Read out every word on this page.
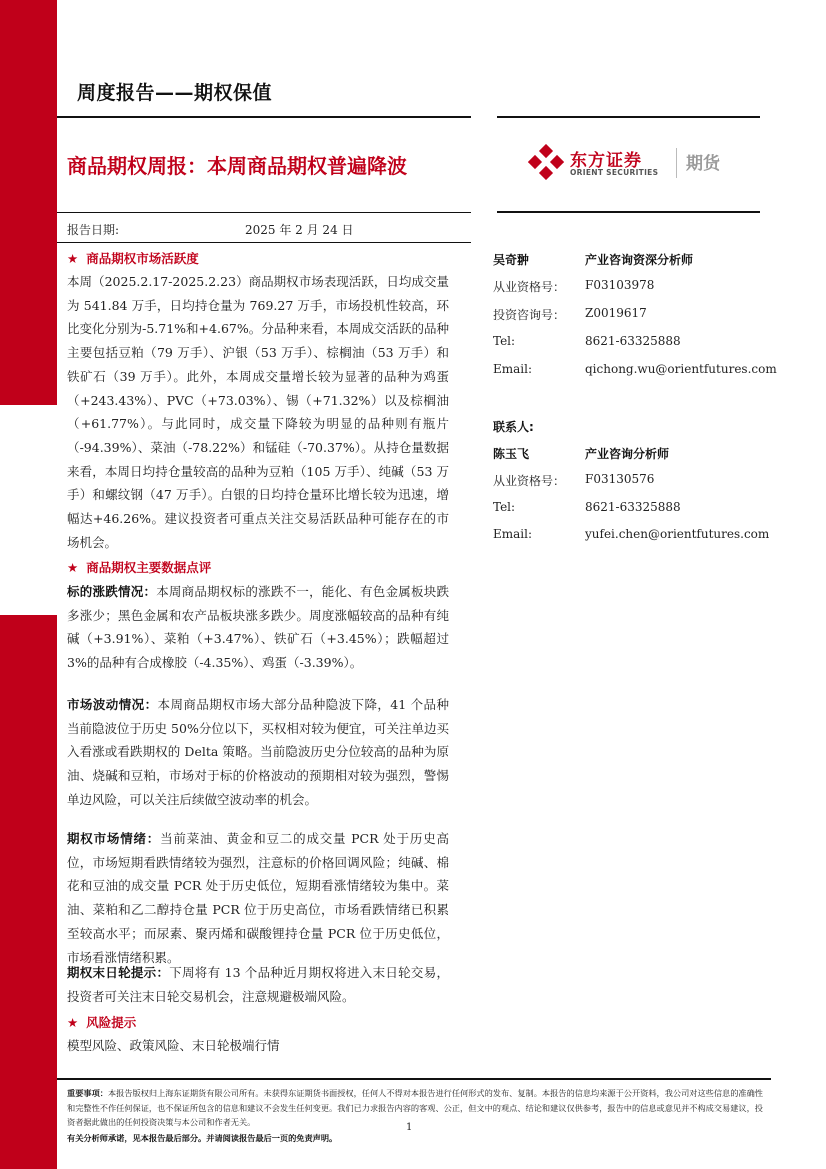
产
业
研
究
周度报告——期权保值
商品期权周报：本周商品期权普遍降波	东方证券
ORIENT SECURITIES 期货
报告日期:	2025 年 2 月 24 日
★ 商品期权市场活跃度
本周（2025.2.17-2025.2.23）商品期权市场表现活跃，日均成交量为 541.84 万手，日均持仓量为 769.27 万手，市场投机性较高，环比变化分别为-5.71%和+4.67%。分品种来看，本周成交活跃的品种主要包括豆粕（79 万手）、沪银（53 万手）、棕榈油（53 万手）和铁矿石（39 万手）。此外，本周成交量增长较为显著的品种为鸡蛋（+243.43%）、PVC（+73.03%）、锡（+71.32%）以及棕榈油（+61.77%）。与此同时，成交量下降较为明显的品种则有瓶片（-94.39%）、菜油（-78.22%）和锰硅（-70.37%）。从持仓量数据来看，本周日均持仓量较高的品种为豆粕（105 万手）、纯碱（53 万手）和螺纹钢（47 万手）。白银的日均持仓量环比增长较为迅速，增幅达+46.26%。建议投资者可重点关注交易活跃品种可能存在的市场机会。
★ 商品期权主要数据点评
标的涨跌情况：本周商品期权标的涨跌不一，能化、有色金属板块跌多涨少；黑色金属和农产品板块涨多跌少。周度涨幅较高的品种有纯碱（+3.91%）、菜粕（+3.47%）、铁矿石（+3.45%）；跌幅超过 3%的品种有合成橡胶（-4.35%）、鸡蛋（-3.39%）。
市场波动情况：本周商品期权市场大部分品种隐波下降，41 个品种当前隐波位于历史 50%分位以下，买权相对较为便宜，可关注单边买入看涨或看跌期权的 Delta 策略。当前隐波历史分位较高的品种为原油、烧碱和豆粕，市场对于标的价格波动的预期相对较为强烈，警惕单边风险，可以关注后续做空波动率的机会。
期权市场情绪：当前菜油、黄金和豆二的成交量 PCR 处于历史高位，市场短期看跌情绪较为强烈，注意标的价格回调风险；纯碱、棉花和豆油的成交量 PCR 处于历史低位，短期看涨情绪较为集中。菜油、菜粕和乙二醇持仓量 PCR 位于历史高位，市场看跌情绪已积累至较高水平；而尿素、聚丙烯和碳酸锂持仓量 PCR 位于历史低位，市场看涨情绪积累。
期权末日轮提示：下周将有 13 个品种近月期权将进入末日轮交易，投资者可关注末日轮交易机会，注意规避极端风险。
★ 风险提示
模型风险、政策风险、末日轮极端行情
吴奇翀	产业咨询资深分析师
从业资格号： F03103978
投资咨询号： Z0019617
Tel:	8621-63325888
Email:	qichong.wu@orientfutures.com
联系人:
陈玉飞	产业咨询分析师
从业资格号： F03130576
Tel:	8621-63325888
Email:	yufei.chen@orientfutures.com
重要事项：本报告版权归上海东证期货有限公司所有。未获得东证期货书面授权，任何人不得对本报告进行任何形式的发布、复制。本报告的信息均来源于公开资料，我公司对这些信息的准确性和完整性不作任何保证，也不保证所包含的信息和建议不会发生任何变更。我们已力求报告内容的客观、公正，但文中的观点、结论和建议仅供参考，报告中的信息或意见并不构成交易建议，投资者据此做出的任何投资决策与本公司和作者无关。
有关分析师承诺，见本报告最后部分。并请阅读报告最后一页的免责声明。
1
